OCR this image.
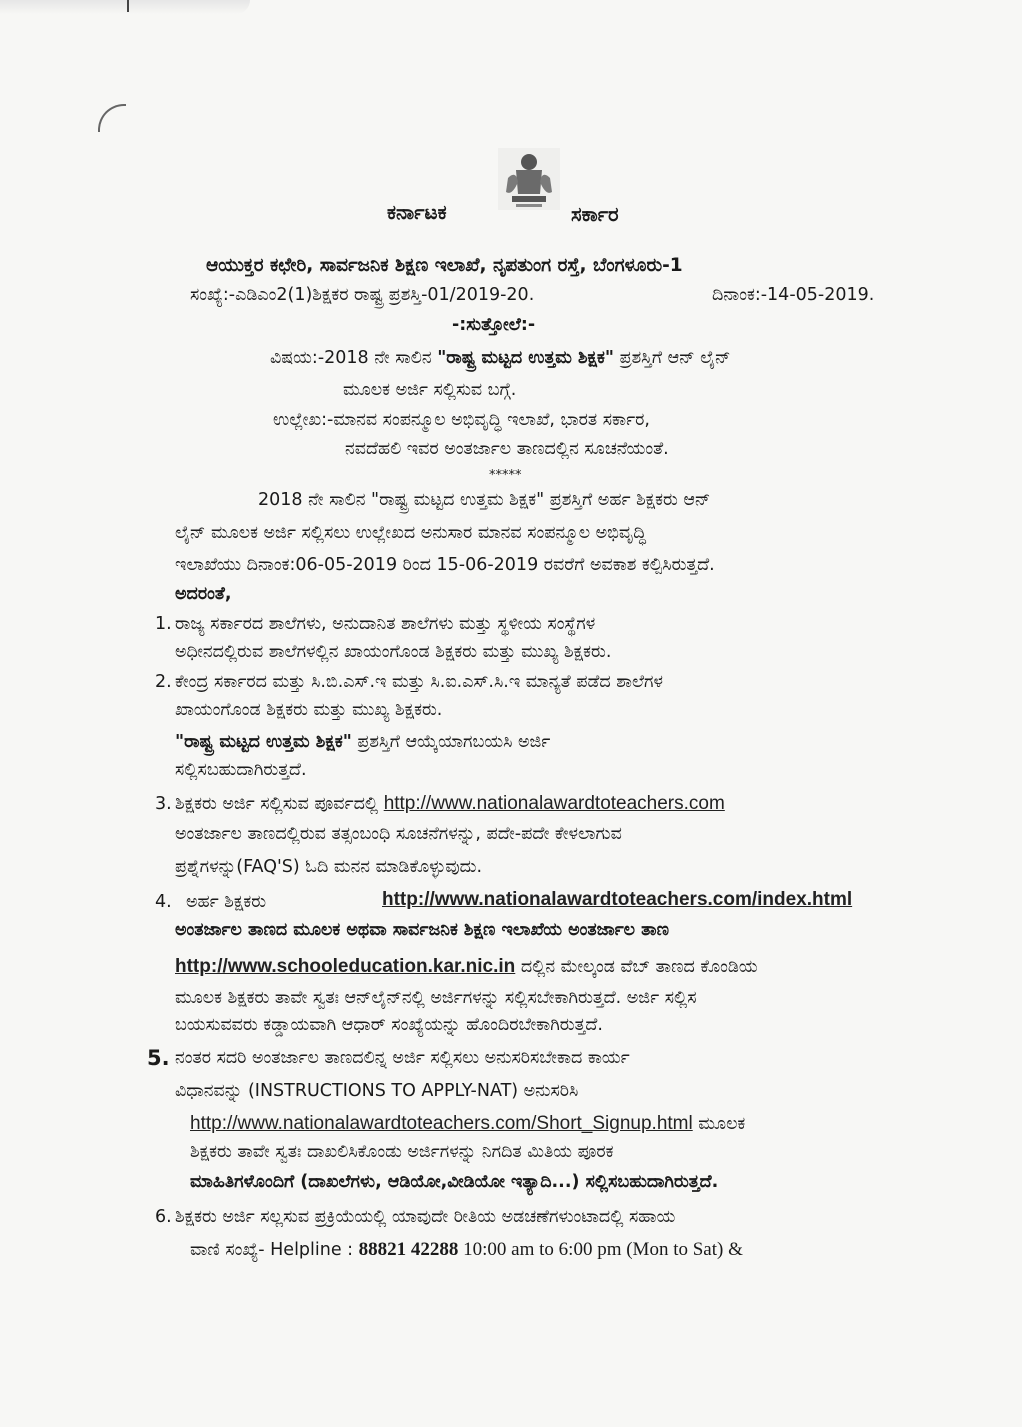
ಕರ್ನಾಟಕ	ಸರ್ಕಾರ
ಆಯುಕ್ತರ ಕಛೇರಿ, ಸಾರ್ವಜನಿಕ ಶಿಕ್ಷಣ ಇಲಾಖೆ, ನೃಪತುಂಗ ರಸ್ತೆ, ಬೆಂಗಳೂರು-1
ಸಂಖ್ಯೆ:-ಎಡಿಎಂ2(1)ಶಿಕ್ಷಕರ ರಾಷ್ಟ್ರ ಪ್ರಶಸ್ತಿ-01/2019-20.	ದಿನಾಂಕ:-14-05-2019.
-:ಸುತ್ತೋಲೆ:-
ವಿಷಯ:-2018 ನೇ ಸಾಲಿನ "ರಾಷ್ಟ್ರ ಮಟ್ಟದ ಉತ್ತಮ ಶಿಕ್ಷಕ" ಪ್ರಶಸ್ತಿಗೆ ಆನ್ ಲೈನ್
ಮೂಲಕ ಅರ್ಜಿ ಸಲ್ಲಿಸುವ ಬಗ್ಗೆ.
ಉಲ್ಲೇಖ:-ಮಾನವ ಸಂಪನ್ಮೂಲ ಅಭಿವೃದ್ಧಿ ಇಲಾಖೆ, ಭಾರತ ಸರ್ಕಾರ,
ನವದೆಹಲಿ ಇವರ ಅಂತರ್ಜಾಲ ತಾಣದಲ್ಲಿನ ಸೂಚನೆಯಂತೆ.
*****
2018 ನೇ ಸಾಲಿನ "ರಾಷ್ಟ್ರ ಮಟ್ಟದ ಉತ್ತಮ ಶಿಕ್ಷಕ" ಪ್ರಶಸ್ತಿಗೆ ಅರ್ಹ ಶಿಕ್ಷಕರು ಆನ್
ಲೈನ್ ಮೂಲಕ ಅರ್ಜಿ ಸಲ್ಲಿಸಲು ಉಲ್ಲೇಖದ ಅನುಸಾರ ಮಾನವ ಸಂಪನ್ಮೂಲ ಅಭಿವೃದ್ಧಿ
ಇಲಾಖೆಯು ದಿನಾಂಕ:06-05-2019 ರಿಂದ 15-06-2019 ರವರೆಗೆ ಅವಕಾಶ ಕಲ್ಪಿಸಿರುತ್ತದೆ.
ಅದರಂತೆ,
1. ರಾಜ್ಯ ಸರ್ಕಾರದ ಶಾಲೆಗಳು, ಅನುದಾನಿತ ಶಾಲೆಗಳು ಮತ್ತು ಸ್ಥಳೀಯ ಸಂಸ್ಥೆಗಳ
ಅಧೀನದಲ್ಲಿರುವ ಶಾಲೆಗಳಲ್ಲಿನ ಖಾಯಂಗೊಂಡ ಶಿಕ್ಷಕರು ಮತ್ತು ಮುಖ್ಯ ಶಿಕ್ಷಕರು.
2. ಕೇಂದ್ರ ಸರ್ಕಾರದ ಮತ್ತು ಸಿ.ಬಿ.ಎಸ್.ಇ ಮತ್ತು ಸಿ.ಐ.ಎಸ್.ಸಿ.ಇ ಮಾನ್ಯತೆ ಪಡೆದ ಶಾಲೆಗಳ
ಖಾಯಂಗೊಂಡ ಶಿಕ್ಷಕರು ಮತ್ತು ಮುಖ್ಯ ಶಿಕ್ಷಕರು.
"ರಾಷ್ಟ್ರ ಮಟ್ಟದ ಉತ್ತಮ ಶಿಕ್ಷಕ" ಪ್ರಶಸ್ತಿಗೆ ಆಯ್ಕೆಯಾಗಬಯಸಿ ಅರ್ಜಿ
ಸಲ್ಲಿಸಬಹುದಾಗಿರುತ್ತದೆ.
3. ಶಿಕ್ಷಕರು ಅರ್ಜಿ ಸಲ್ಲಿಸುವ ಪೂರ್ವದಲ್ಲಿ http://www.nationalawardtoteachers.com
ಅಂತರ್ಜಾಲ ತಾಣದಲ್ಲಿರುವ ತತ್ಸಂಬಂಧಿ ಸೂಚನೆಗಳನ್ನು, ಪದೇ-ಪದೇ ಕೇಳಲಾಗುವ
ಪ್ರಶ್ನೆಗಳನ್ನು(FAQ'S) ಓದಿ ಮನನ ಮಾಡಿಕೊಳ್ಳುವುದು.
4. ಅರ್ಹ ಶಿಕ್ಷಕರು	http://www.nationalawardtoteachers.com/index.html
ಅಂತರ್ಜಾಲ ತಾಣದ ಮೂಲಕ ಅಥವಾ ಸಾರ್ವಜನಿಕ ಶಿಕ್ಷಣ ಇಲಾಖೆಯ ಅಂತರ್ಜಾಲ ತಾಣ
http://www.schooleducation.kar.nic.in ದಲ್ಲಿನ ಮೇಲ್ಕಂಡ ವೆಬ್ ತಾಣದ ಕೊಂಡಿಯ
ಮೂಲಕ ಶಿಕ್ಷಕರು ತಾವೇ ಸ್ವತಃ ಆನ್‌ಲೈನ್‌ನಲ್ಲಿ ಅರ್ಜಿಗಳನ್ನು ಸಲ್ಲಿಸಬೇಕಾಗಿರುತ್ತದೆ. ಅರ್ಜಿ ಸಲ್ಲಿಸ
ಬಯಸುವವರು ಕಡ್ಡಾಯವಾಗಿ ಆಧಾರ್ ಸಂಖ್ಯೆಯನ್ನು ಹೊಂದಿರಬೇಕಾಗಿರುತ್ತದೆ.
5. ನಂತರ ಸದರಿ ಅಂತರ್ಜಾಲ ತಾಣದಲಿನ್ನ ಅರ್ಜಿ ಸಲ್ಲಿಸಲು ಅನುಸರಿಸಬೇಕಾದ ಕಾರ್ಯ
ವಿಧಾನವನ್ನು (INSTRUCTIONS TO APPLY-NAT) ಅನುಸರಿಸಿ
http://www.nationalawardtoteachers.com/Short_Signup.html ಮೂಲಕ
ಶಿಕ್ಷಕರು ತಾವೇ ಸ್ವತಃ ದಾಖಲಿಸಿಕೊಂಡು ಅರ್ಜಿಗಳನ್ನು ನಿಗದಿತ ಮಿತಿಯ ಪೂರಕ
ಮಾಹಿತಿಗಳೊಂದಿಗೆ (ದಾಖಲೆಗಳು, ಆಡಿಯೋ,ವೀಡಿಯೋ ಇತ್ಯಾದಿ...) ಸಲ್ಲಿಸಬಹುದಾಗಿರುತ್ತದೆ.
6. ಶಿಕ್ಷಕರು ಅರ್ಜಿ ಸಲ್ಲಸುವ ಪ್ರಕ್ರಿಯೆಯಲ್ಲಿ ಯಾವುದೇ ರೀತಿಯ ಅಡಚಣೆಗಳುಂಟಾದಲ್ಲಿ ಸಹಾಯ
ವಾಣಿ ಸಂಖ್ಯೆ- Helpline : 88821 42288 10:00 am to 6:00 pm (Mon to Sat) &
